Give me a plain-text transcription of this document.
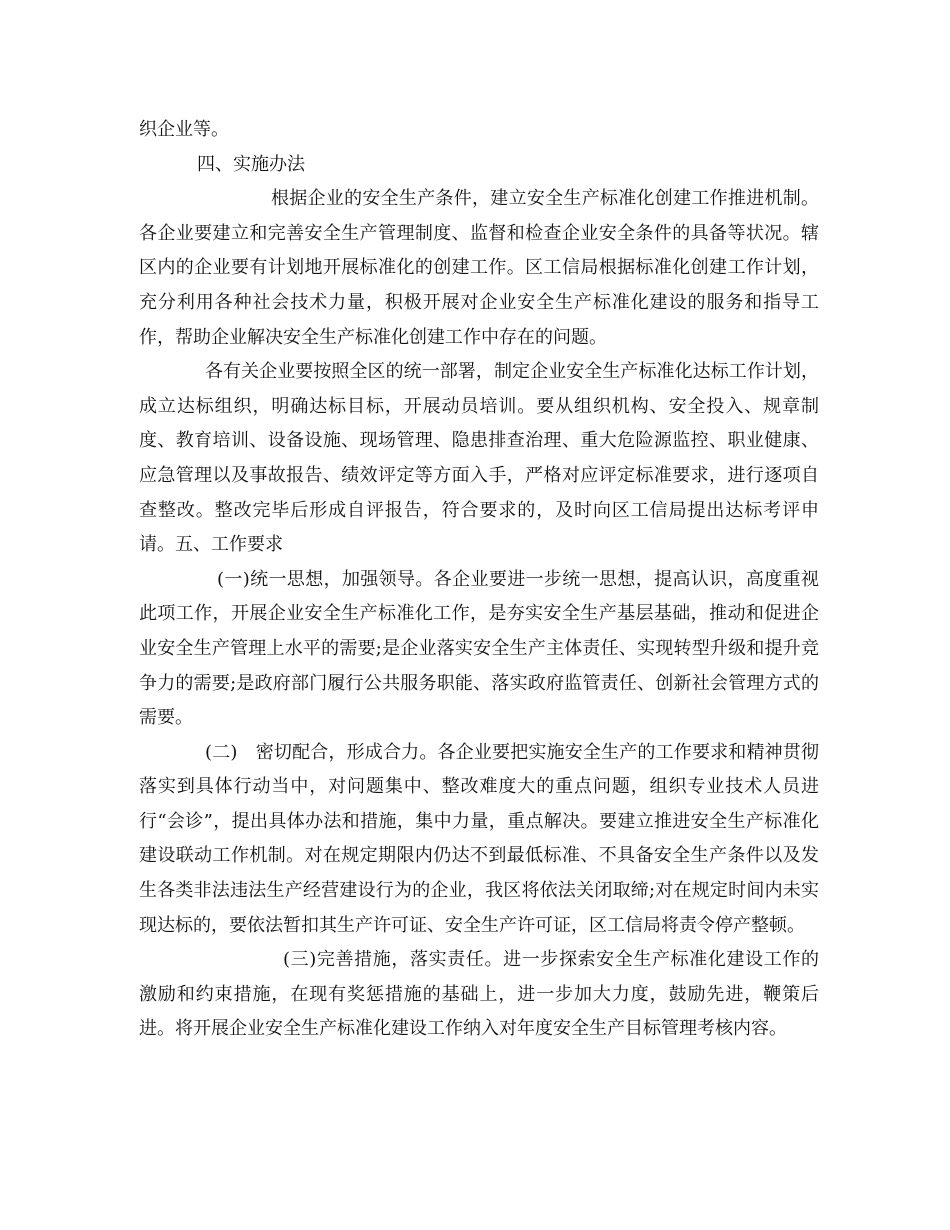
织企业等。

四、实施办法

根据企业的安全生产条件，建立安全生产标准化创建工作推进机制。各企业要建立和完善安全生产管理制度、监督和检查企业安全条件的具备等状况。辖区内的企业要有计划地开展标准化的创建工作。区工信局根据标准化创建工作计划，充分利用各种社会技术力量，积极开展对企业安全生产标准化建设的服务和指导工作，帮助企业解决安全生产标准化创建工作中存在的问题。

各有关企业要按照全区的统一部署，制定企业安全生产标准化达标工作计划，成立达标组织，明确达标目标，开展动员培训。要从组织机构、安全投入、规章制度、教育培训、设备设施、现场管理、隐患排查治理、重大危险源监控、职业健康、应急管理以及事故报告、绩效评定等方面入手，严格对应评定标准要求，进行逐项自查整改。整改完毕后形成自评报告，符合要求的，及时向区工信局提出达标考评申请。五、工作要求

(一)统一思想，加强领导。各企业要进一步统一思想，提高认识，高度重视此项工作，开展企业安全生产标准化工作，是夯实安全生产基层基础，推动和促进企业安全生产管理上水平的需要;是企业落实安全生产主体责任、实现转型升级和提升竞争力的需要;是政府部门履行公共服务职能、落实政府监管责任、创新社会管理方式的需要。

(二)　密切配合，形成合力。各企业要把实施安全生产的工作要求和精神贯彻落实到具体行动当中，对问题集中、整改难度大的重点问题，组织专业技术人员进行“会诊”，提出具体办法和措施，集中力量，重点解决。要建立推进安全生产标准化建设联动工作机制。对在规定期限内仍达不到最低标准、不具备安全生产条件以及发生各类非法违法生产经营建设行为的企业，我区将依法关闭取缔;对在规定时间内未实现达标的，要依法暂扣其生产许可证、安全生产许可证，区工信局将责令停产整顿。

(三)完善措施，落实责任。进一步探索安全生产标准化建设工作的激励和约束措施，在现有奖惩措施的基础上，进一步加大力度，鼓励先进，鞭策后进。将开展企业安全生产标准化建设工作纳入对年度安全生产目标管理考核内容。
